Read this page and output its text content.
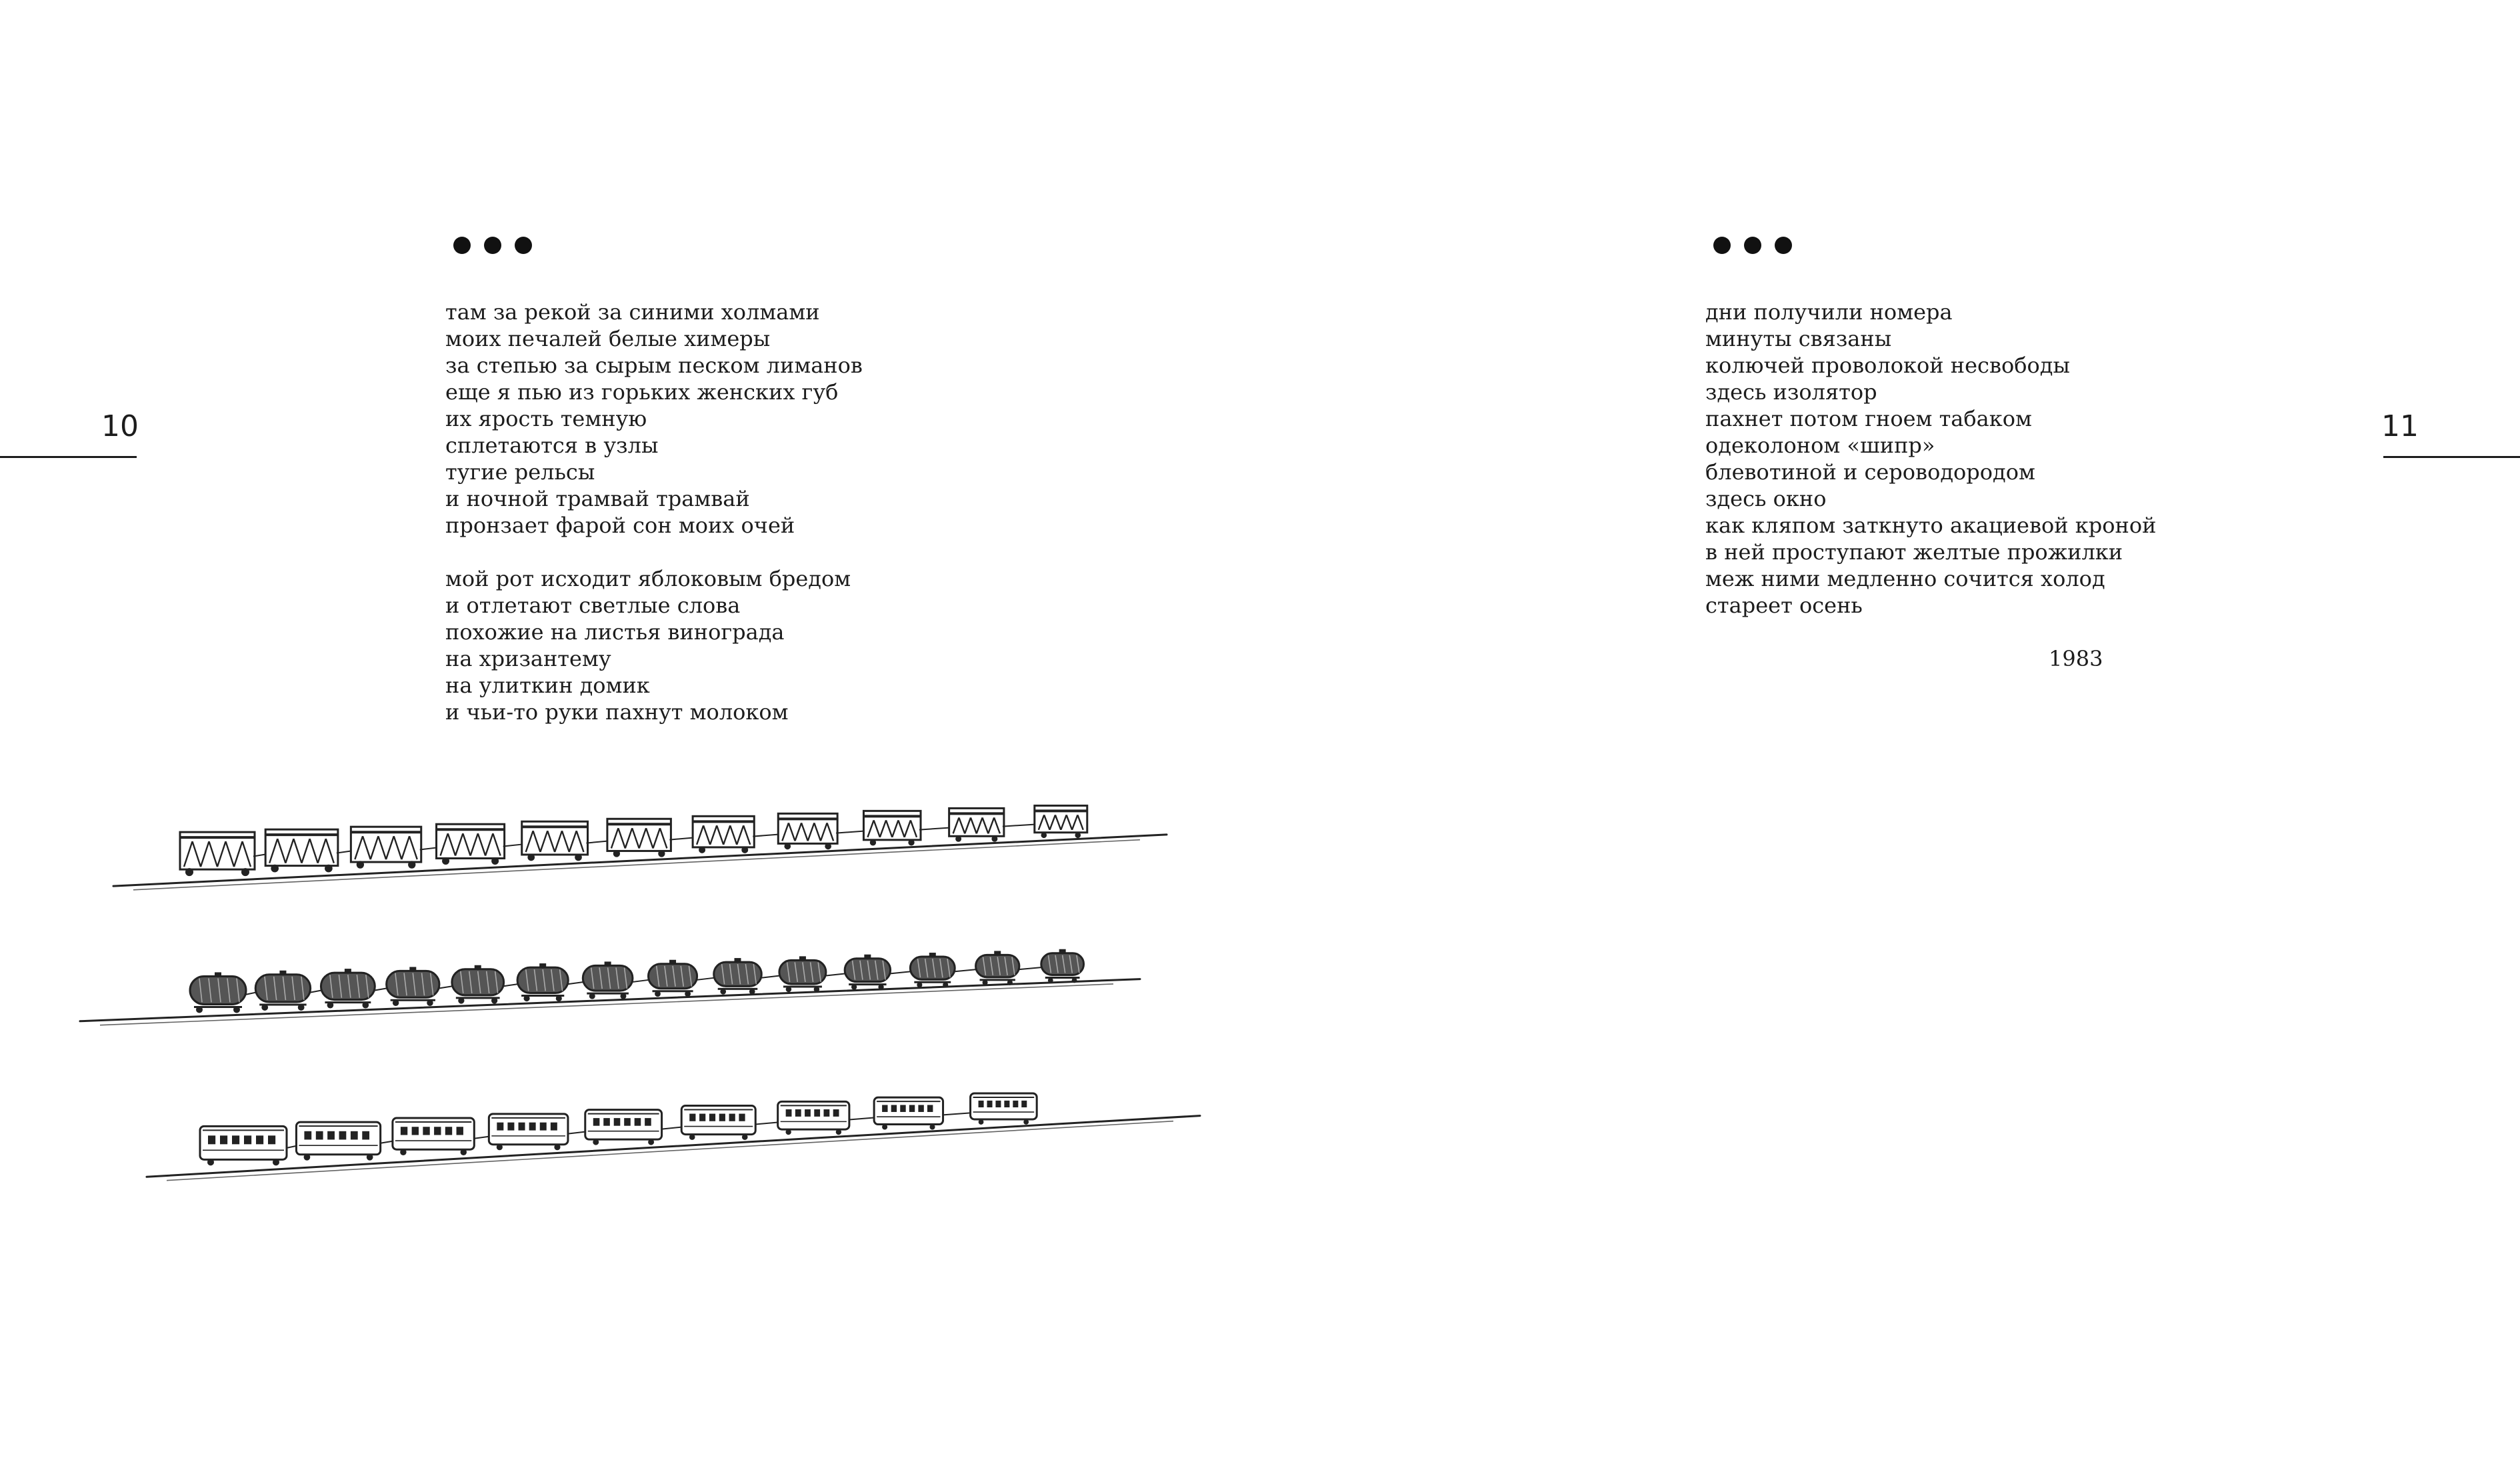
10
там за рекой за синими холмами
моих печалей белые химеры
за степью за сырым песком лиманов
еще я пью из горьких женских губ
их ярость темную
сплетаются в узлы
тугие рельсы
и ночной трамвай трамвай
пронзает фарой сон моих очей
мой рот исходит яблоковым бредом
и отлетают светлые слова
похожие на листья винограда
на хризантему
на улиткин домик
и чьи-то руки пахнут молоком
дни получили номера
минуты связаны
колючей проволокой несвободы
здесь изолятор
пахнет потом гноем табаком
одеколоном «шипр»
блевотиной и сероводородом
здесь окно
как кляпом заткнуто акациевой кроной
в ней проступают желтые прожилки
меж ними медленно сочится холод
стареет осень
1983
11
